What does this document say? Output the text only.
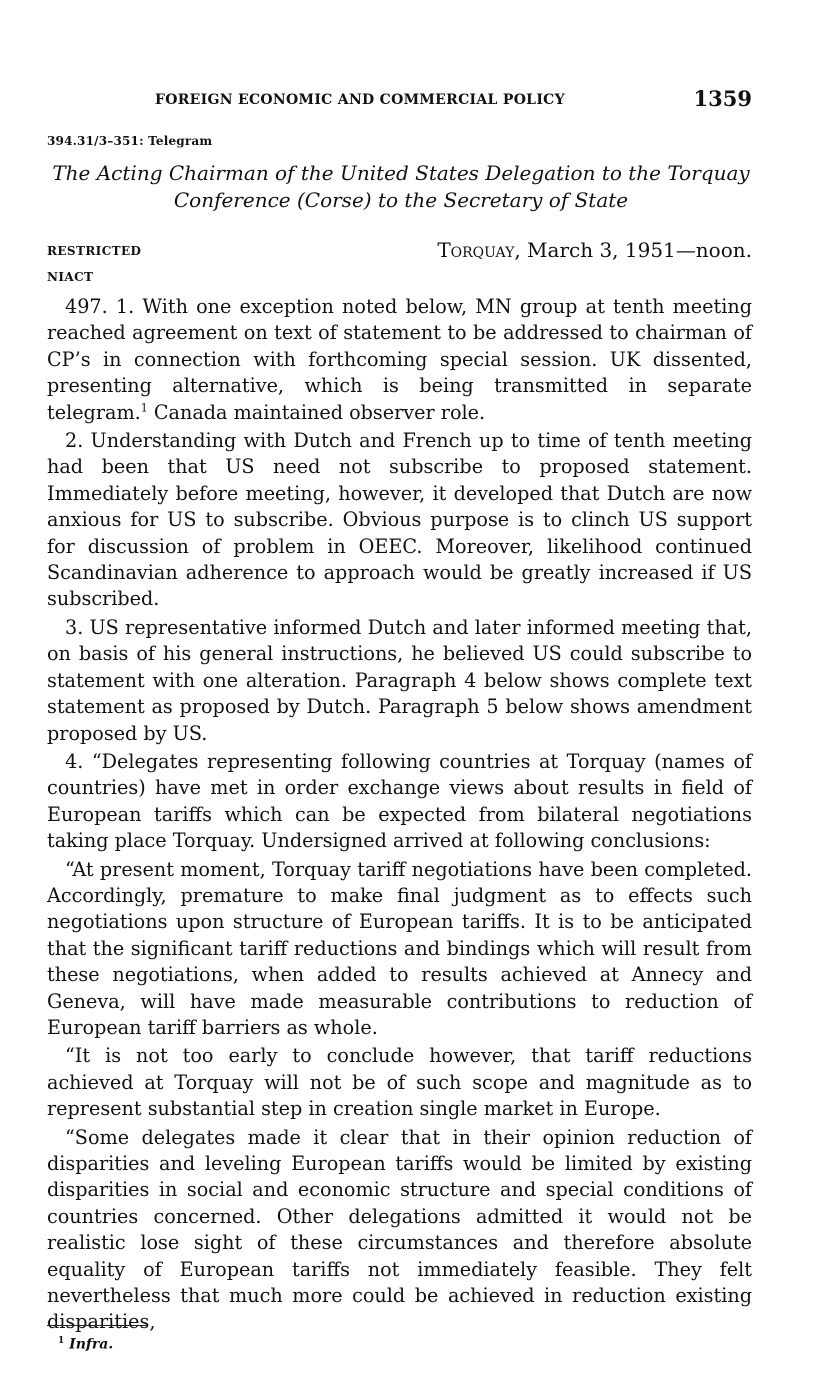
FOREIGN ECONOMIC AND COMMERCIAL POLICY	1359
394.31/3–351: Telegram
The Acting Chairman of the United States Delegation to the Torquay
Conference (Corse) to the Secretary of State
RESTRICTED
NIACT
Torquay, March 3, 1951—noon.

497. 1. With one exception noted below, MN group at tenth meeting reached agreement on text of statement to be addressed to chairman of CP’s in connection with forthcoming special session. UK dissented, presenting alternative, which is being transmitted in separate telegram.$^1$ Canada maintained observer role.

2. Understanding with Dutch and French up to time of tenth meeting had been that US need not subscribe to proposed statement. Immediately before meeting, however, it developed that Dutch are now anxious for US to subscribe. Obvious purpose is to clinch US support for discussion of problem in OEEC. Moreover, likelihood continued Scandinavian adherence to approach would be greatly increased if US subscribed.

3. US representative informed Dutch and later informed meeting that, on basis of his general instructions, he believed US could subscribe to statement with one alteration. Paragraph 4 below shows complete text statement as proposed by Dutch. Paragraph 5 below shows amendment proposed by US.

4. “Delegates representing following countries at Torquay (names of countries) have met in order exchange views about results in field of European tariffs which can be expected from bilateral negotiations taking place Torquay. Undersigned arrived at following conclusions:

“At present moment, Torquay tariff negotiations have been completed. Accordingly, premature to make final judgment as to effects such negotiations upon structure of European tariffs. It is to be anticipated that the significant tariff reductions and bindings which will result from these negotiations, when added to results achieved at Annecy and Geneva, will have made measurable contributions to reduction of European tariff barriers as whole.

“It is not too early to conclude however, that tariff reductions achieved at Torquay will not be of such scope and magnitude as to represent substantial step in creation single market in Europe.

“Some delegates made it clear that in their opinion reduction of disparities and leveling European tariffs would be limited by existing disparities in social and economic structure and special conditions of countries concerned. Other delegations admitted it would not be realistic lose sight of these circumstances and therefore absolute equality of European tariffs not immediately feasible. They felt nevertheless that much more could be achieved in reduction existing disparities,

$^1$ Infra.
